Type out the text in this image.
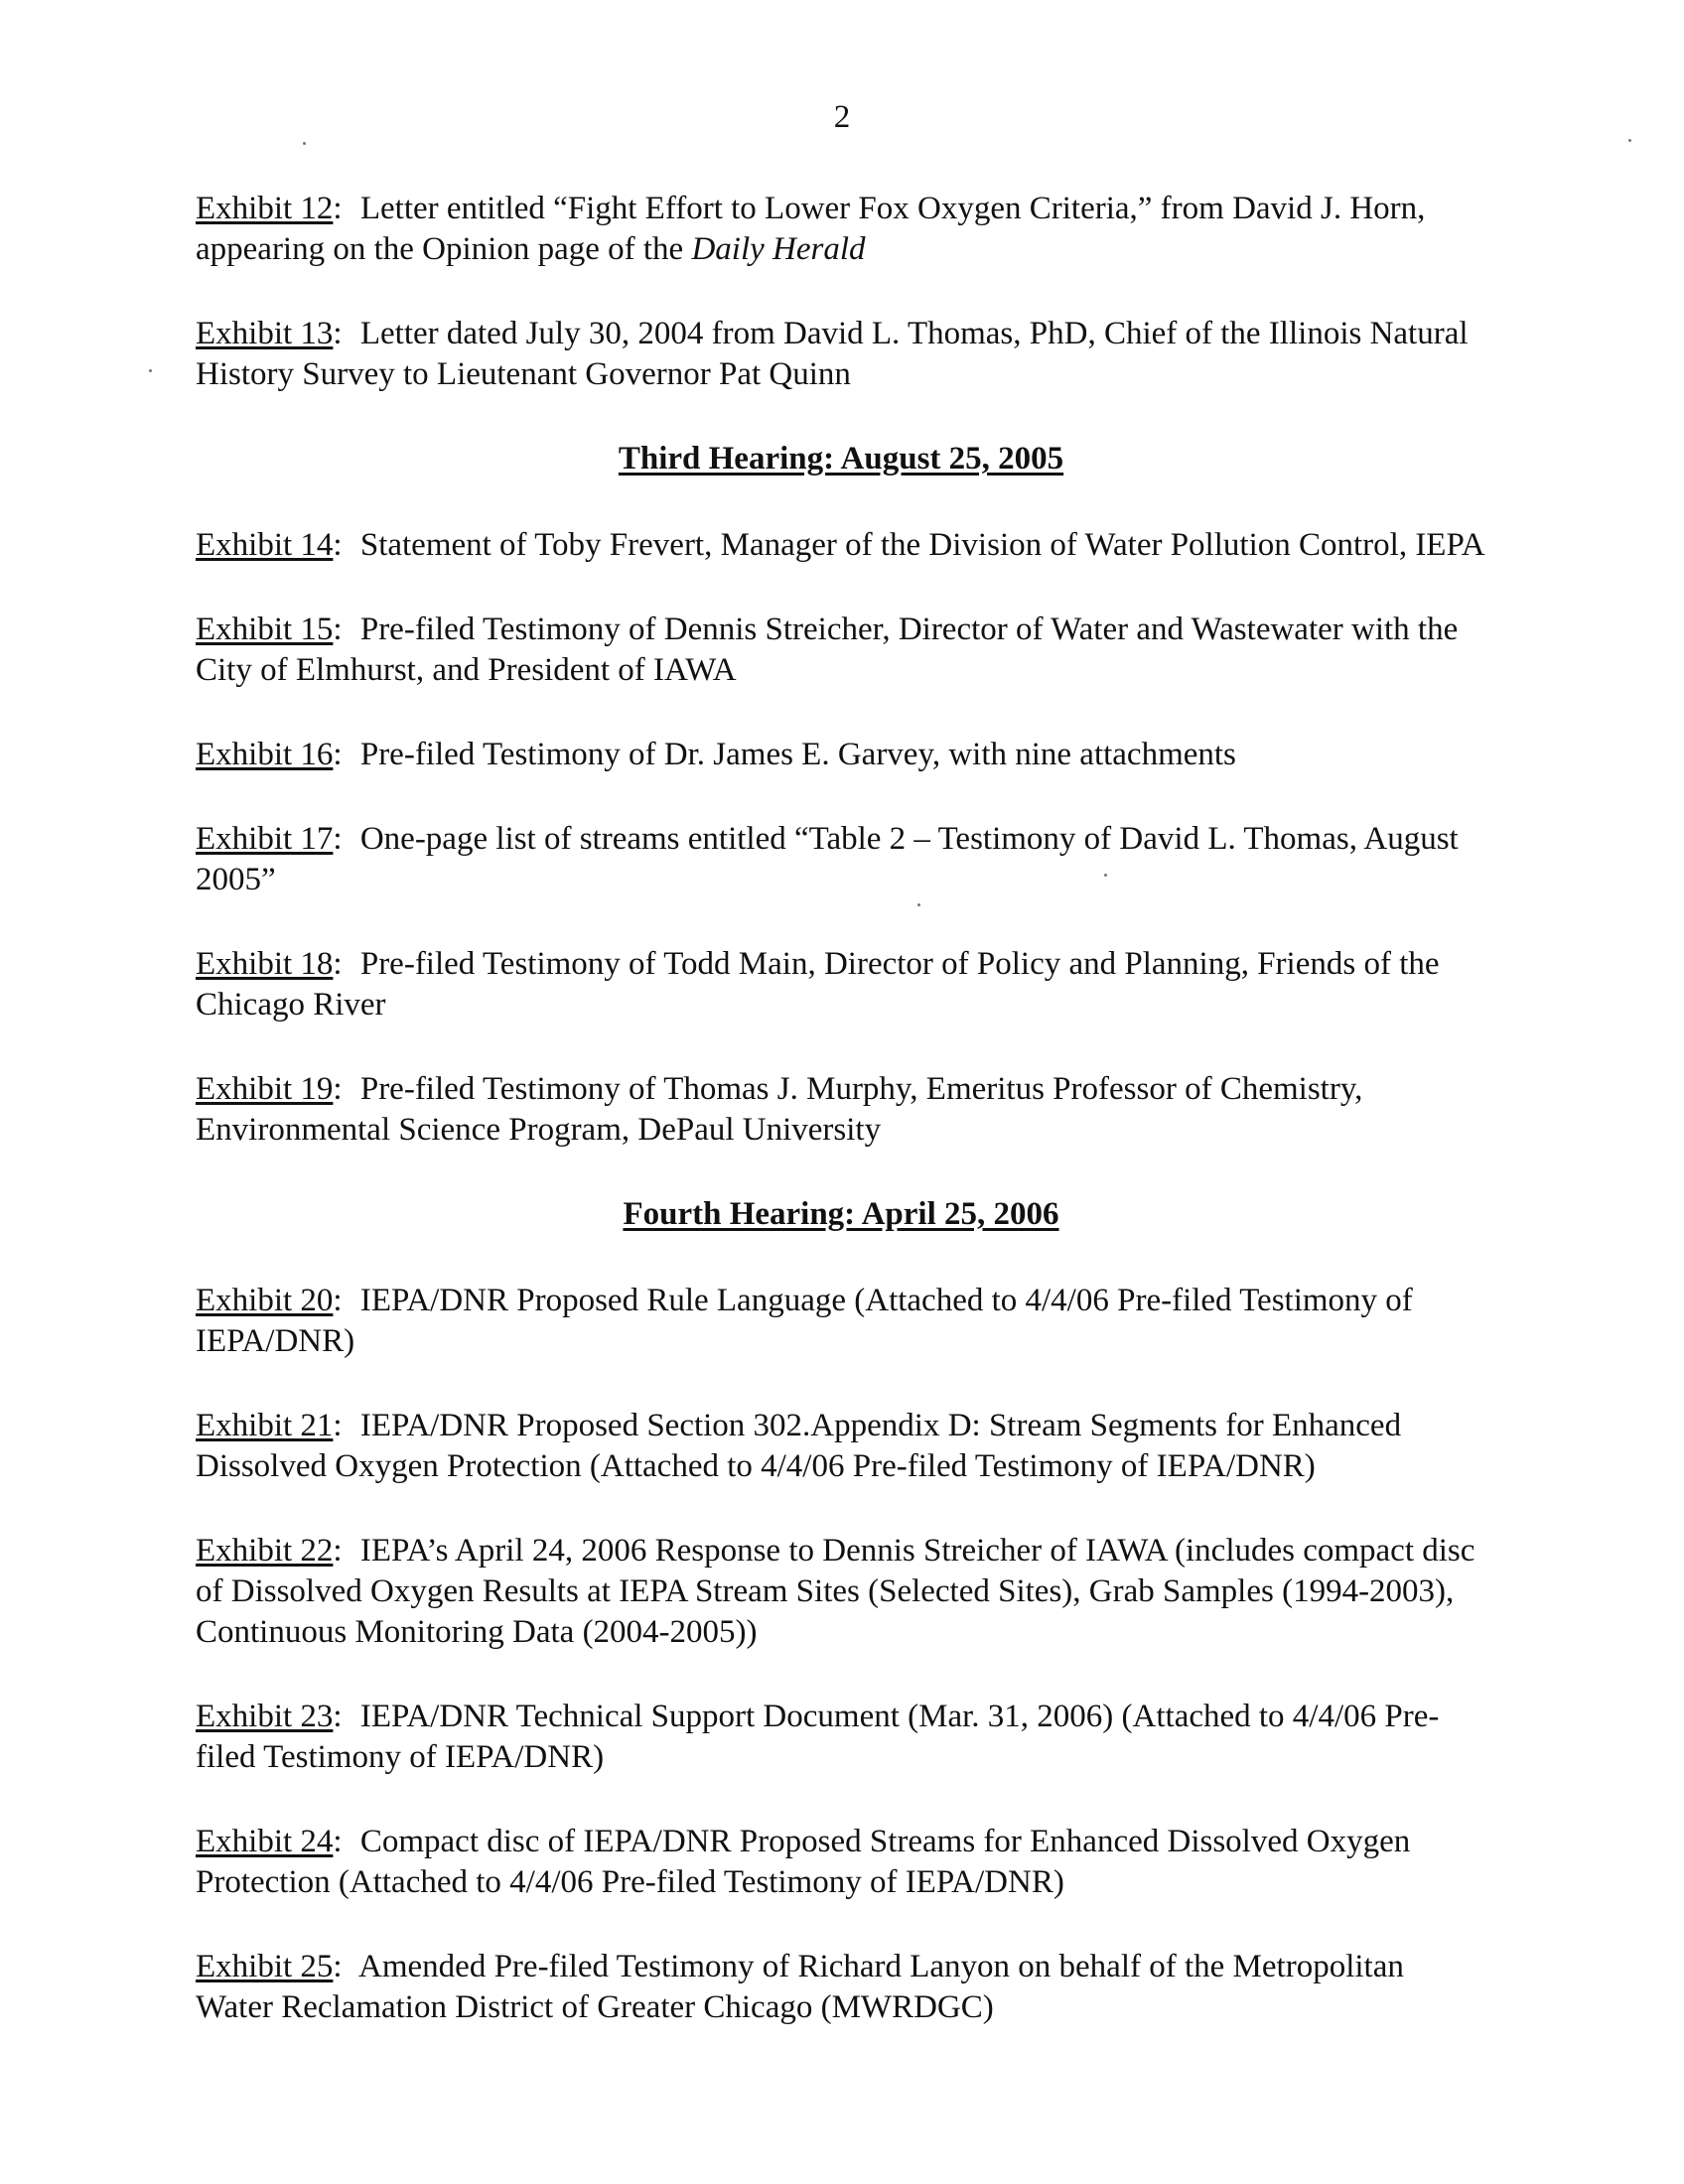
2
Exhibit 12: Letter entitled “Fight Effort to Lower Fox Oxygen Criteria,” from David J. Horn, appearing on the Opinion page of the Daily Herald
Exhibit 13: Letter dated July 30, 2004 from David L. Thomas, PhD, Chief of the Illinois Natural History Survey to Lieutenant Governor Pat Quinn
Third Hearing: August 25, 2005
Exhibit 14: Statement of Toby Frevert, Manager of the Division of Water Pollution Control, IEPA
Exhibit 15: Pre-filed Testimony of Dennis Streicher, Director of Water and Wastewater with the City of Elmhurst, and President of IAWA
Exhibit 16: Pre-filed Testimony of Dr. James E. Garvey, with nine attachments
Exhibit 17: One-page list of streams entitled “Table 2 – Testimony of David L. Thomas, August 2005”
Exhibit 18: Pre-filed Testimony of Todd Main, Director of Policy and Planning, Friends of the Chicago River
Exhibit 19: Pre-filed Testimony of Thomas J. Murphy, Emeritus Professor of Chemistry, Environmental Science Program, DePaul University
Fourth Hearing: April 25, 2006
Exhibit 20: IEPA/DNR Proposed Rule Language (Attached to 4/4/06 Pre-filed Testimony of IEPA/DNR)
Exhibit 21: IEPA/DNR Proposed Section 302.Appendix D: Stream Segments for Enhanced Dissolved Oxygen Protection (Attached to 4/4/06 Pre-filed Testimony of IEPA/DNR)
Exhibit 22: IEPA’s April 24, 2006 Response to Dennis Streicher of IAWA (includes compact disc of Dissolved Oxygen Results at IEPA Stream Sites (Selected Sites), Grab Samples (1994-2003), Continuous Monitoring Data (2004-2005))
Exhibit 23: IEPA/DNR Technical Support Document (Mar. 31, 2006) (Attached to 4/4/06 Pre-filed Testimony of IEPA/DNR)
Exhibit 24: Compact disc of IEPA/DNR Proposed Streams for Enhanced Dissolved Oxygen Protection (Attached to 4/4/06 Pre-filed Testimony of IEPA/DNR)
Exhibit 25: Amended Pre-filed Testimony of Richard Lanyon on behalf of the Metropolitan Water Reclamation District of Greater Chicago (MWRDGC)
